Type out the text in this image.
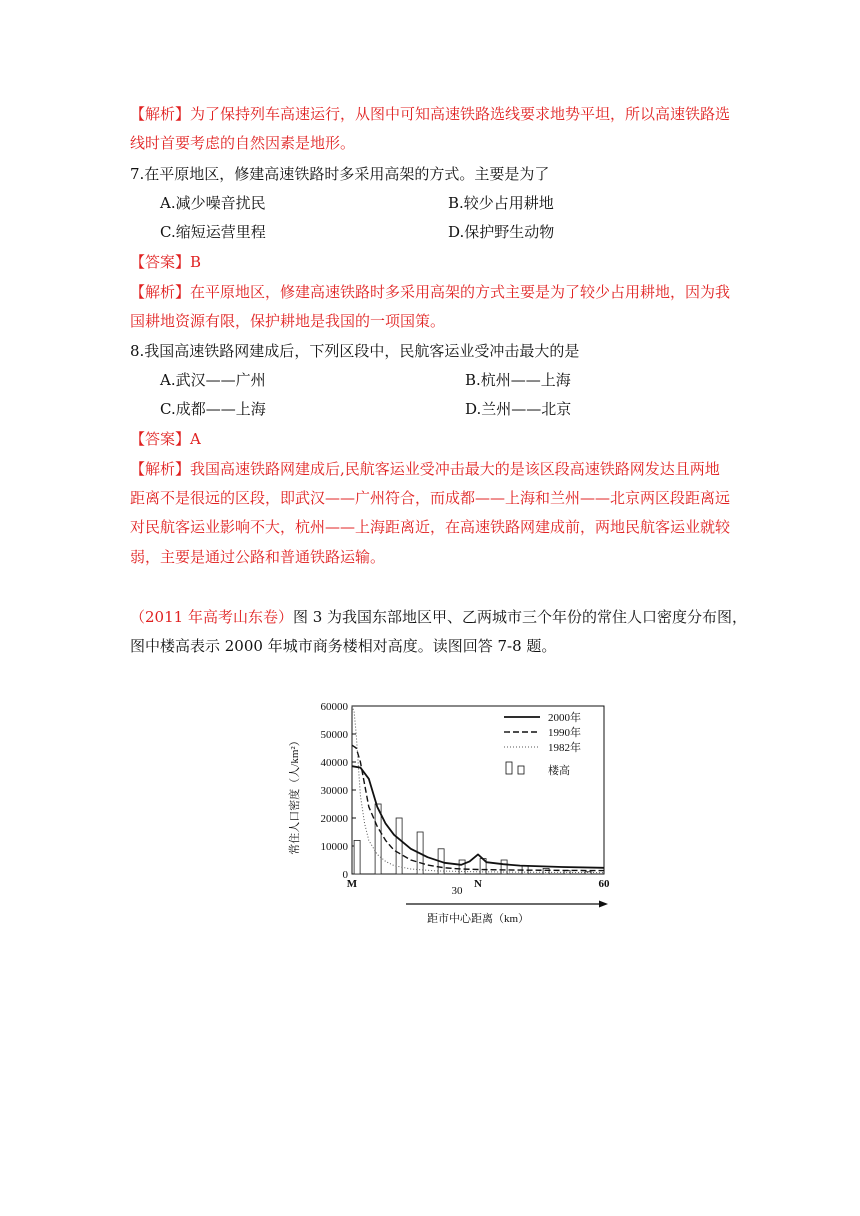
【解析】为了保持列车高速运行，从图中可知高速铁路选线要求地势平坦，所以高速铁路选
线时首要考虑的自然因素是地形。
7.在平原地区，修建高速铁路时多采用高架的方式。主要是为了
A.减少噪音扰民	B.较少占用耕地
C.缩短运营里程	D.保护野生动物
【答案】B
【解析】在平原地区，修建高速铁路时多采用高架的方式主要是为了较少占用耕地，因为我
国耕地资源有限，保护耕地是我国的一项国策。
8.我国高速铁路网建成后，下列区段中，民航客运业受冲击最大的是
A.武汉——广州	B.杭州——上海
C.成都——上海	D.兰州——北京
【答案】A
【解析】我国高速铁路网建成后,民航客运业受冲击最大的是该区段高速铁路网发达且两地
距离不是很远的区段，即武汉——广州符合，而成都——上海和兰州——北京两区段距离远
对民航客运业影响不大，杭州——上海距离近，在高速铁路网建成前，两地民航客运业就较
弱，主要是通过公路和普通铁路运输。
（2011 年高考山东卷）图 3 为我国东部地区甲、乙两城市三个年份的常住人口密度分布图，
图中楼高表示 2000 年城市商务楼相对高度。读图回答 7-8 题。
0
10000
20000
30000
40000
50000
60000
M	N	60
30
常住人口密度（人/km²）
距市中心距离（km）
2000年
1990年
1982年
楼高
